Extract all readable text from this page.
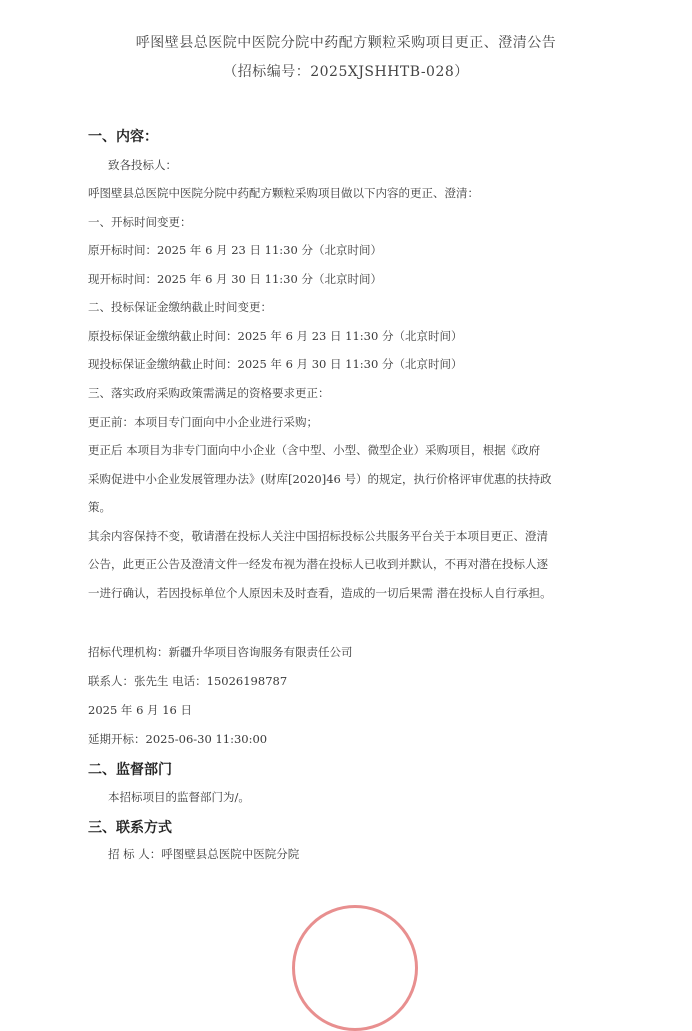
呼图壁县总医院中医院分院中药配方颗粒采购项目更正、澄清公告
（招标编号：2025XJSHHTB-028）
一、内容：
致各投标人：
呼图壁县总医院中医院分院中药配方颗粒采购项目做以下内容的更正、澄清：
一、开标时间变更：
原开标时间：2025 年 6 月 23 日 11:30 分（北京时间）
现开标时间：2025 年 6 月 30 日 11:30 分（北京时间）
二、投标保证金缴纳截止时间变更：
原投标保证金缴纳截止时间：2025 年 6 月 23 日 11:30 分（北京时间）
现投标保证金缴纳截止时间：2025 年 6 月 30 日 11:30 分（北京时间）
三、落实政府采购政策需满足的资格要求更正：
更正前：本项目专门面向中小企业进行采购；
更正后 本项目为非专门面向中小企业（含中型、小型、微型企业）采购项目，根据《政府
采购促进中小企业发展管理办法》(财库[2020]46 号）的规定，执行价格评审优惠的扶持政
策。
其余内容保持不变，敬请潜在投标人关注中国招标投标公共服务平台关于本项目更正、澄清
公告，此更正公告及澄清文件一经发布视为潜在投标人已收到并默认，不再对潜在投标人逐
一进行确认，若因投标单位个人原因未及时查看，造成的一切后果需 潜在投标人自行承担。
招标代理机构：新疆升华项目咨询服务有限责任公司
联系人：张先生 电话：15026198787
2025 年 6 月 16 日
延期开标：2025-06-30 11:30:00
二、监督部门
本招标项目的监督部门为/。
三、联系方式
招 标 人：呼图壁县总医院中医院分院
